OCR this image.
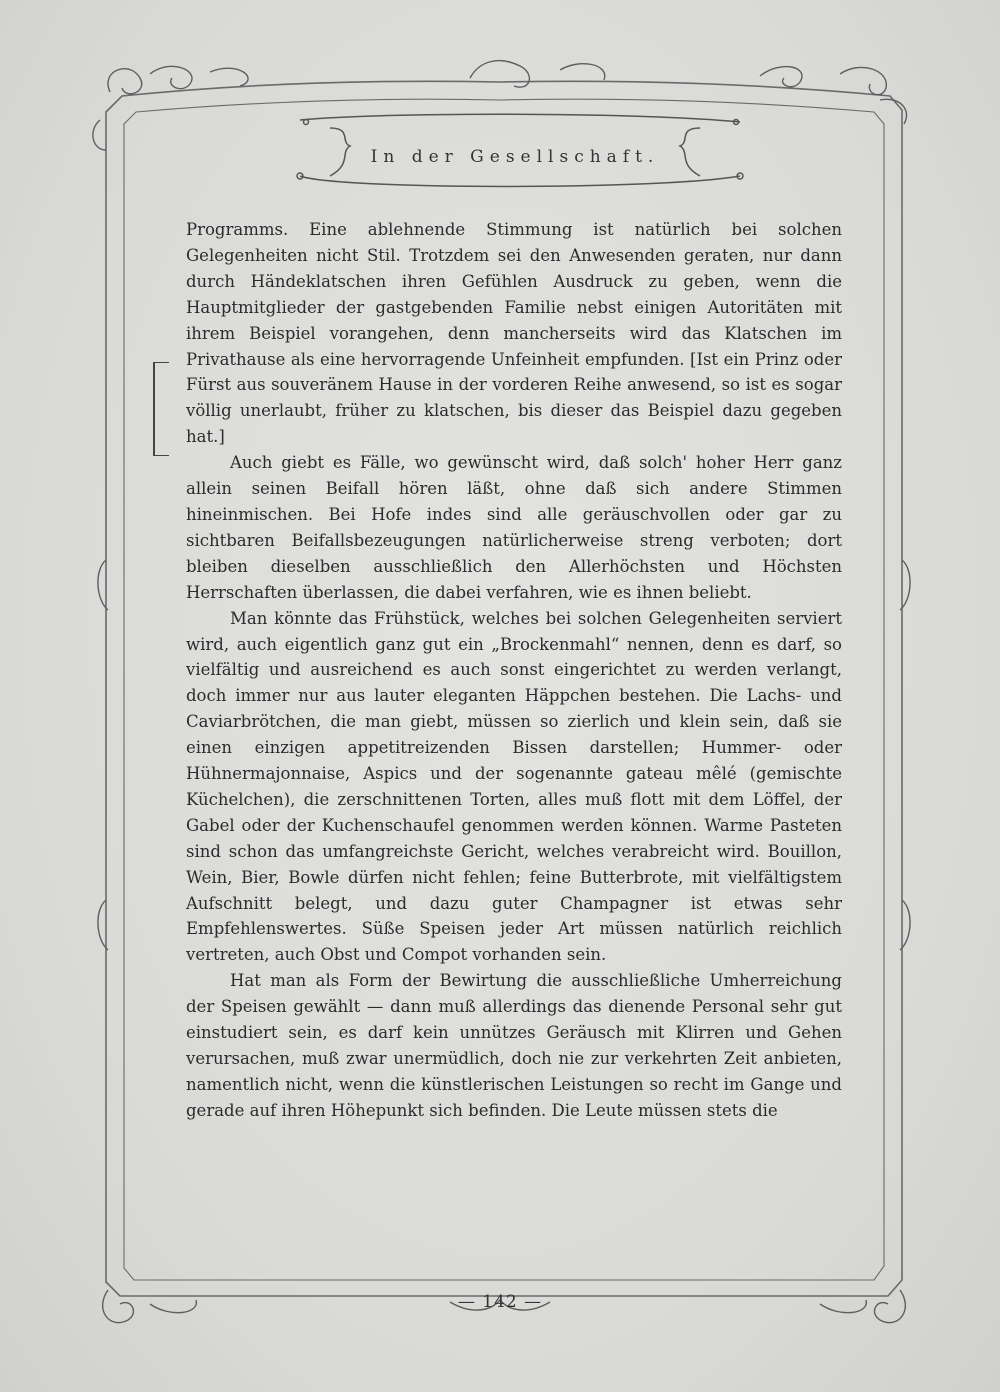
In der Gesellschaft.

Programms. Eine ablehnende Stimmung ist natürlich bei solchen Gelegenheiten nicht Stil. Trotzdem sei den Anwesenden geraten, nur dann durch Händeklatschen ihren Gefühlen Ausdruck zu geben, wenn die Hauptmitglieder der gastgebenden Familie nebst einigen Autoritäten mit ihrem Beispiel vorangehen, denn mancherseits wird das Klatschen im Privathause als eine hervorragende Unfeinheit empfunden. [Ist ein Prinz oder Fürst aus souveränem Hause in der vorderen Reihe anwesend, so ist es sogar völlig unerlaubt, früher zu klatschen, bis dieser das Beispiel dazu gegeben hat.]

Auch giebt es Fälle, wo gewünscht wird, daß solch' hoher Herr ganz allein seinen Beifall hören läßt, ohne daß sich andere Stimmen hineinmischen. Bei Hofe indes sind alle geräuschvollen oder gar zu sichtbaren Beifallsbezeugungen natürlicherweise streng verboten; dort bleiben dieselben ausschließlich den Allerhöchsten und Höchsten Herrschaften überlassen, die dabei verfahren, wie es ihnen beliebt.

Man könnte das Frühstück, welches bei solchen Gelegenheiten serviert wird, auch eigentlich ganz gut ein „Brockenmahl“ nennen, denn es darf, so vielfältig und ausreichend es auch sonst eingerichtet zu werden verlangt, doch immer nur aus lauter eleganten Häppchen bestehen. Die Lachs- und Caviarbrötchen, die man giebt, müssen so zierlich und klein sein, daß sie einen einzigen appetitreizenden Bissen darstellen; Hummer- oder Hühnermajonnaise, Aspics und der sogenannte gateau mêlé (gemischte Küchelchen), die zerschnittenen Torten, alles muß flott mit dem Löffel, der Gabel oder der Kuchenschaufel genommen werden können. Warme Pasteten sind schon das umfangreichste Gericht, welches verabreicht wird. Bouillon, Wein, Bier, Bowle dürfen nicht fehlen; feine Butterbrote, mit vielfältigstem Aufschnitt belegt, und dazu guter Champagner ist etwas sehr Empfehlenswertes. Süße Speisen jeder Art müssen natürlich reichlich vertreten, auch Obst und Compot vorhanden sein.

Hat man als Form der Bewirtung die ausschließliche Umherreichung der Speisen gewählt — dann muß allerdings das dienende Personal sehr gut einstudiert sein, es darf kein unnützes Geräusch mit Klirren und Gehen verursachen, muß zwar unermüdlich, doch nie zur verkehrten Zeit anbieten, namentlich nicht, wenn die künstlerischen Leistungen so recht im Gange und gerade auf ihren Höhepunkt sich befinden. Die Leute müssen stets die

— 142 —
